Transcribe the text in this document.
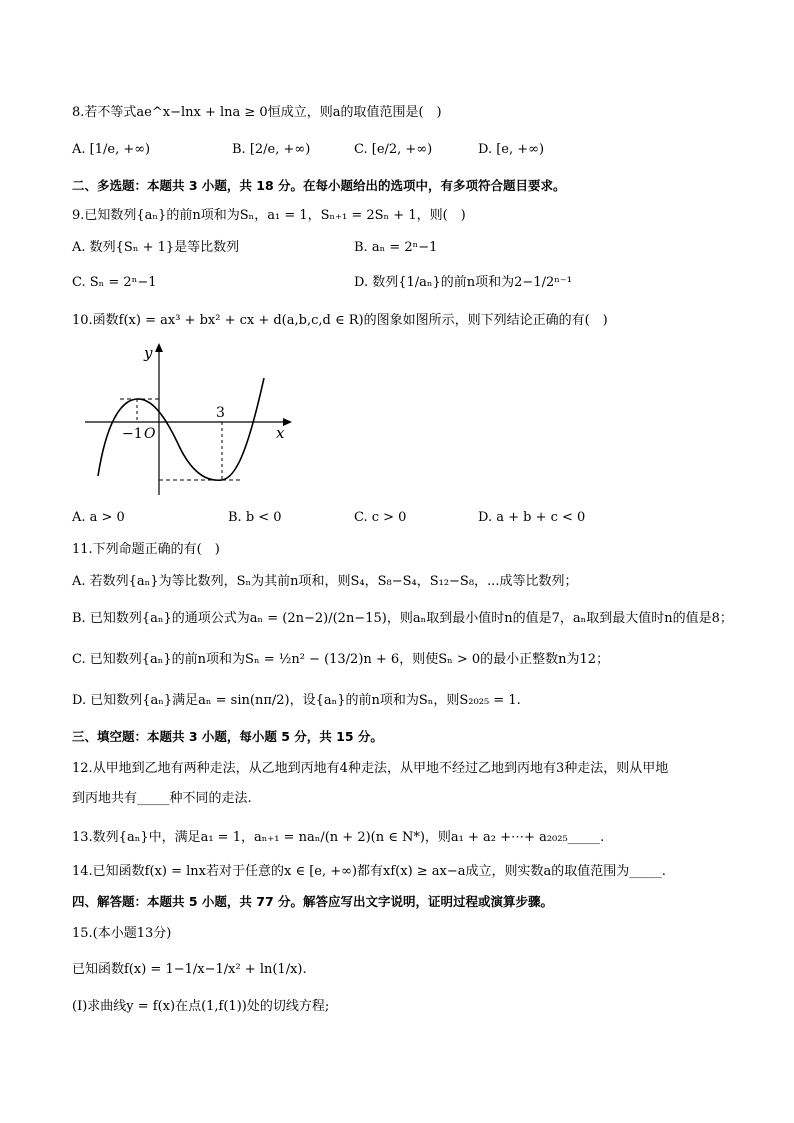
8.若不等式ae^x−lnx + lna ≥ 0恒成立，则a的取值范围是(　)
A. [1/e, +∞)	B. [2/e, +∞)	C. [e/2, +∞)	D. [e, +∞)
二、多选题：本题共 3 小题，共 18 分。在每小题给出的选项中，有多项符合题目要求。
9.已知数列{aₙ}的前n项和为Sₙ，a₁ = 1，Sₙ₊₁ = 2Sₙ + 1，则(　)
A. 数列{Sₙ + 1}是等比数列	B. aₙ = 2ⁿ−1
C. Sₙ = 2ⁿ−1	D. 数列{1/aₙ}的前n项和为2−1/2ⁿ⁻¹
10.函数f(x) = ax³ + bx² + cx + d(a,b,c,d ∈ R)的图象如图所示，则下列结论正确的有(　)
y
x
O
−1
3
A. a > 0	B. b < 0	C. c > 0	D. a + b + c < 0
11.下列命题正确的有(　)
A. 若数列{aₙ}为等比数列，Sₙ为其前n项和，则S₄，S₈−S₄，S₁₂−S₈，...成等比数列；
B. 已知数列{aₙ}的通项公式为aₙ = (2n−2)/(2n−15)，则aₙ取到最小值时n的值是7，aₙ取到最大值时n的值是8；
C. 已知数列{aₙ}的前n项和为Sₙ = ½n² − (13/2)n + 6，则使Sₙ > 0的最小正整数n为12；
D. 已知数列{aₙ}满足aₙ = sin(nπ/2)，设{aₙ}的前n项和为Sₙ，则S₂₀₂₅ = 1.
三、填空题：本题共 3 小题，每小题 5 分，共 15 分。
12.从甲地到乙地有两种走法，从乙地到丙地有4种走法，从甲地不经过乙地到丙地有3种走法，则从甲地
到丙地共有_____种不同的走法.
13.数列{aₙ}中，满足a₁ = 1，aₙ₊₁ = naₙ/(n + 2)(n ∈ N*)，则a₁ + a₂ +⋯+ a₂₀₂₅_____.
14.已知函数f(x) = lnx若对于任意的x ∈ [e, +∞)都有xf(x) ≥ ax−a成立，则实数a的取值范围为_____.
四、解答题：本题共 5 小题，共 77 分。解答应写出文字说明，证明过程或演算步骤。
15.(本小题13分)
已知函数f(x) = 1−1/x−1/x² + ln(1/x).
(Ⅰ)求曲线y = f(x)在点(1,f(1))处的切线方程;
